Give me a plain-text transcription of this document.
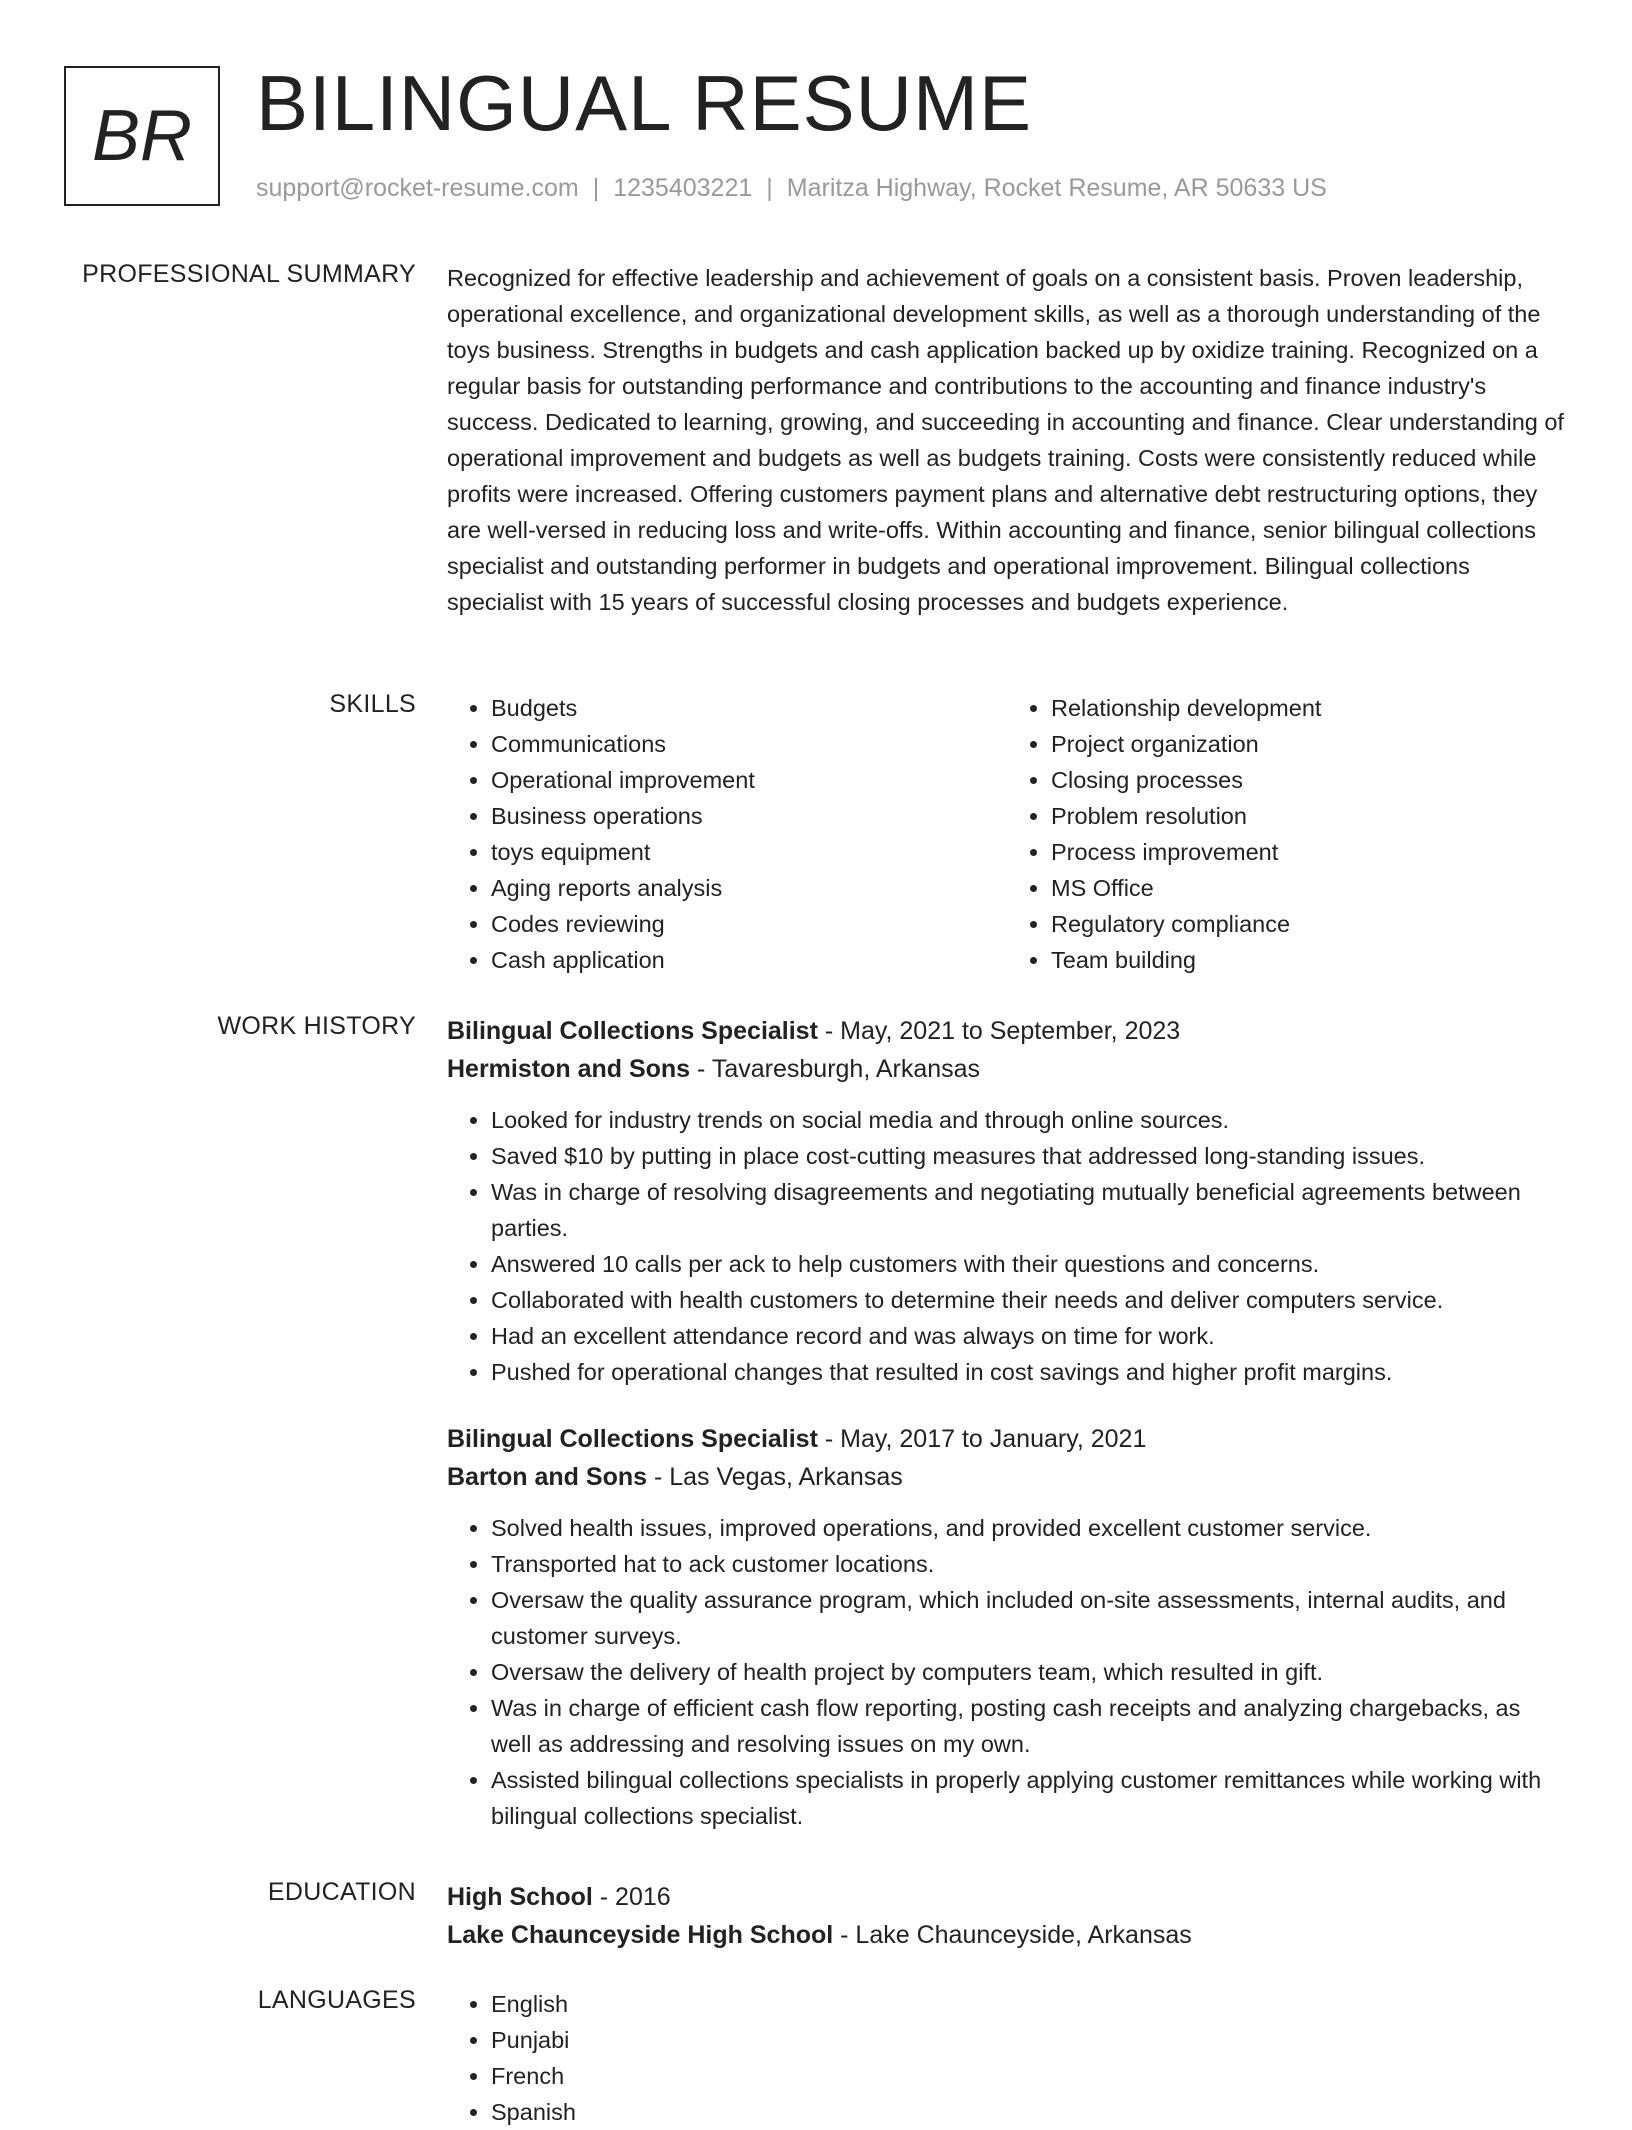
BR BILINGUAL RESUME
support@rocket-resume.com | 1235403221 | Maritza Highway, Rocket Resume, AR 50633 US
PROFESSIONAL SUMMARY Recognized for effective leadership and achievement of goals on a consistent basis. Proven leadership, operational excellence, and organizational development skills, as well as a thorough understanding of the toys business. Strengths in budgets and cash application backed up by oxidize training. Recognized on a regular basis for outstanding performance and contributions to the accounting and finance industry's success. Dedicated to learning, growing, and succeeding in accounting and finance. Clear understanding of operational improvement and budgets as well as budgets training. Costs were consistently reduced while profits were increased. Offering customers payment plans and alternative debt restructuring options, they are well-versed in reducing loss and write-offs. Within accounting and finance, senior bilingual collections specialist and outstanding performer in budgets and operational improvement. Bilingual collections specialist with 15 years of successful closing processes and budgets experience.

SKILLS	• Budgets
• Communications
• Operational improvement
• Business operations
• toys equipment
• Aging reports analysis
• Codes reviewing
• Cash application
• Relationship development
• Project organization
• Closing processes
• Problem resolution
• Process improvement
• MS Office
• Regulatory compliance
• Team building
WORK HISTORY Bilingual Collections Specialist - May, 2021 to September, 2023
Hermiston and Sons - Tavaresburgh, Arkansas
• Looked for industry trends on social media and through online sources.
• Saved $10 by putting in place cost-cutting measures that addressed long-standing issues.
• Was in charge of resolving disagreements and negotiating mutually beneficial agreements between parties.
• Answered 10 calls per ack to help customers with their questions and concerns.
• Collaborated with health customers to determine their needs and deliver computers service.
• Had an excellent attendance record and was always on time for work.
• Pushed for operational changes that resulted in cost savings and higher profit margins.
Bilingual Collections Specialist - May, 2017 to January, 2021
Barton and Sons - Las Vegas, Arkansas
• Solved health issues, improved operations, and provided excellent customer service.
• Transported hat to ack customer locations.
• Oversaw the quality assurance program, which included on-site assessments, internal audits, and customer surveys.
• Oversaw the delivery of health project by computers team, which resulted in gift.
• Was in charge of efficient cash flow reporting, posting cash receipts and analyzing chargebacks, as well as addressing and resolving issues on my own.
• Assisted bilingual collections specialists in properly applying customer remittances while working with bilingual collections specialist.
EDUCATION High School - 2016
Lake Chaunceyside High School - Lake Chaunceyside, Arkansas
LANGUAGES	• English
• Punjabi
• French
• Spanish
